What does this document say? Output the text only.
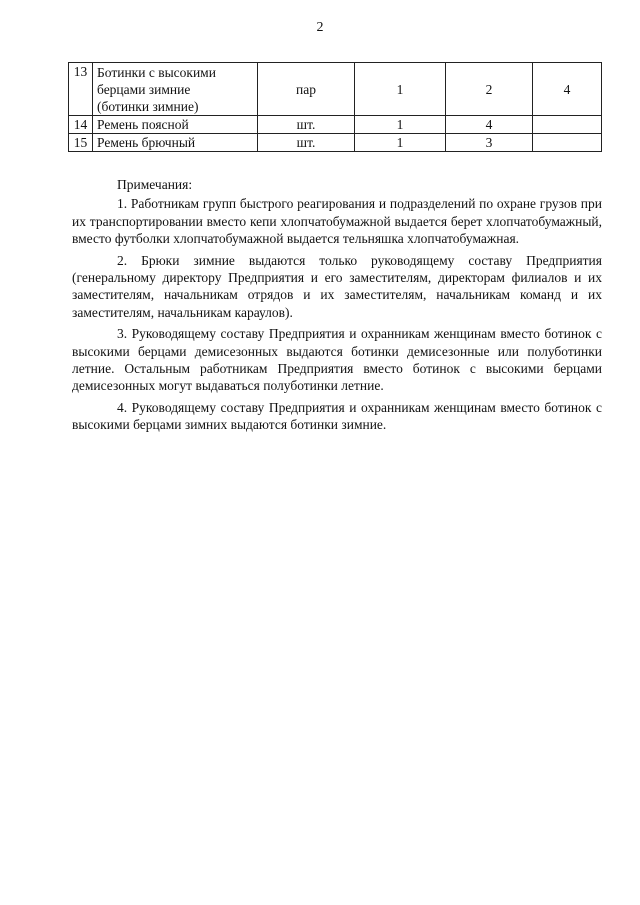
2
13	Ботинки с высокими
берцами зимние
(ботинки зимние)	пар	1	2	4
14	Ремень поясной	шт.	1	4	
15	Ремень брючный	шт.	1	3	

Примечания:

1. Работникам групп быстрого реагирования и подразделений по охране грузов при их транспортировании вместо кепи хлопчатобумажной выдается берет хлопчатобумажный, вместо футболки хлопчатобумажной выдается тельняшка хлопчатобумажная.

2. Брюки зимние выдаются только руководящему составу Предприятия (генеральному директору Предприятия и его заместителям, директорам филиалов и их заместителям, начальникам отрядов и их заместителям, начальникам команд и их заместителям, начальникам караулов).

3. Руководящему составу Предприятия и охранникам женщинам вместо ботинок с высокими берцами демисезонных выдаются ботинки демисезонные или полуботинки летние. Остальным работникам Предприятия вместо ботинок с высокими берцами демисезонных могут выдаваться полуботинки летние.

4. Руководящему составу Предприятия и охранникам женщинам вместо ботинок с высокими берцами зимних выдаются ботинки зимние.
